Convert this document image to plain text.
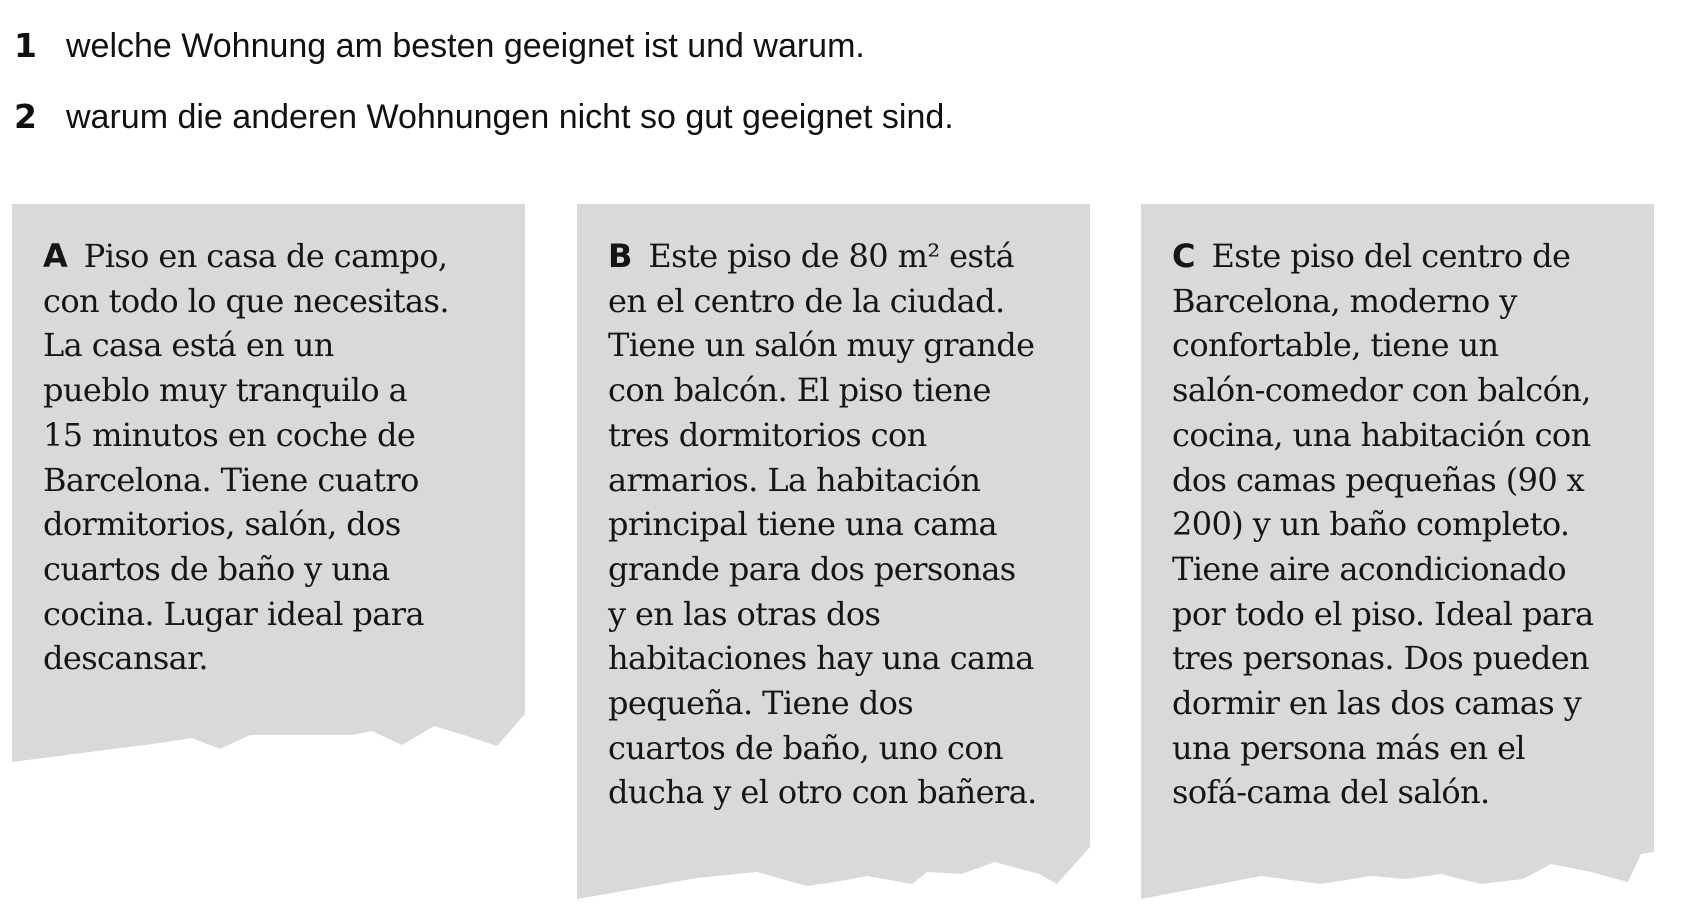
1 welche Wohnung am besten geeignet ist und warum.
2 warum die anderen Wohnungen nicht so gut geeignet sind.
A Piso en casa de campo,
con todo lo que necesitas.
La casa está en un
pueblo muy tranquilo a
15 minutos en coche de
Barcelona. Tiene cuatro
dormitorios, salón, dos
cuartos de baño y una
cocina. Lugar ideal para
descansar.
B Este piso de 80 m² está
en el centro de la ciudad.
Tiene un salón muy grande
con balcón. El piso tiene
tres dormitorios con
armarios. La habitación
principal tiene una cama
grande para dos personas
y en las otras dos
habitaciones hay una cama
pequeña. Tiene dos
cuartos de baño, uno con
ducha y el otro con bañera.
C Este piso del centro de
Barcelona, moderno y
confortable, tiene un
salón-comedor con balcón,
cocina, una habitación con
dos camas pequeñas (90 x
200) y un baño completo.
Tiene aire acondicionado
por todo el piso. Ideal para
tres personas. Dos pueden
dormir en las dos camas y
una persona más en el
sofá-cama del salón.
